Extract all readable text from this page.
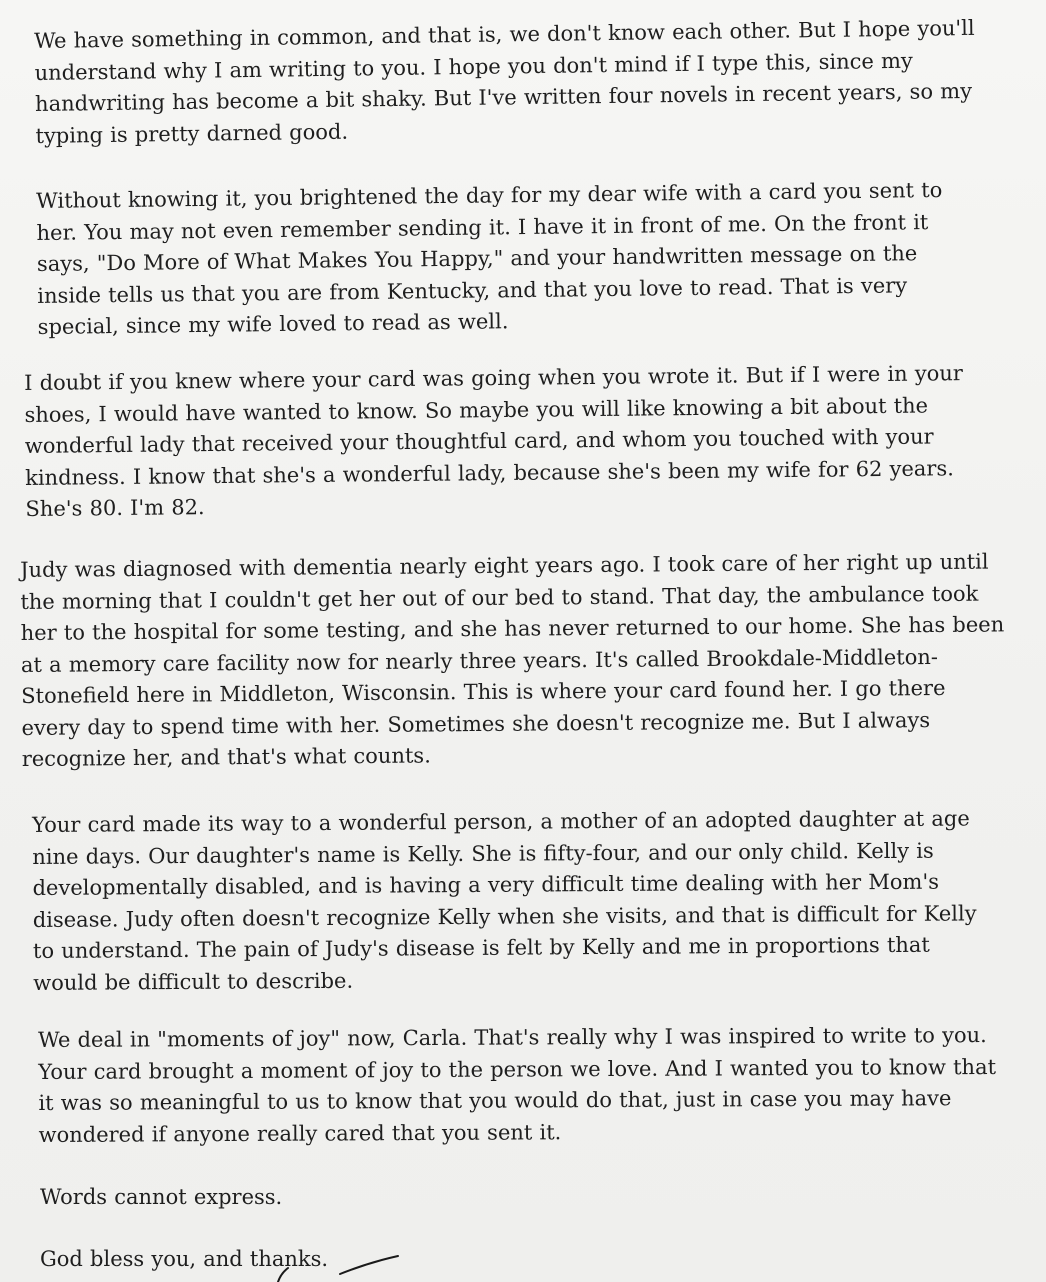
We have something in common, and that is, we don't know each other. But I hope you'll understand why I am writing to you. I hope you don't mind if I type this, since my handwriting has become a bit shaky. But I've written four novels in recent years, so my typing is pretty darned good.

Without knowing it, you brightened the day for my dear wife with a card you sent to her. You may not even remember sending it. I have it in front of me. On the front it says, "Do More of What Makes You Happy," and your handwritten message on the inside tells us that you are from Kentucky, and that you love to read. That is very special, since my wife loved to read as well.

I doubt if you knew where your card was going when you wrote it. But if I were in your shoes, I would have wanted to know. So maybe you will like knowing a bit about the wonderful lady that received your thoughtful card, and whom you touched with your kindness. I know that she's a wonderful lady, because she's been my wife for 62 years. She's 80. I'm 82.

Judy was diagnosed with dementia nearly eight years ago. I took care of her right up until the morning that I couldn't get her out of our bed to stand. That day, the ambulance took her to the hospital for some testing, and she has never returned to our home. She has been at a memory care facility now for nearly three years. It's called Brookdale-Middleton-Stonefield here in Middleton, Wisconsin. This is where your card found her. I go there every day to spend time with her. Sometimes she doesn't recognize me. But I always recognize her, and that's what counts.

Your card made its way to a wonderful person, a mother of an adopted daughter at age nine days. Our daughter's name is Kelly. She is fifty-four, and our only child. Kelly is developmentally disabled, and is having a very difficult time dealing with her Mom's disease. Judy often doesn't recognize Kelly when she visits, and that is difficult for Kelly to understand. The pain of Judy's disease is felt by Kelly and me in proportions that would be difficult to describe.

We deal in "moments of joy" now, Carla. That's really why I was inspired to write to you. Your card brought a moment of joy to the person we love. And I wanted you to know that it was so meaningful to us to know that you would do that, just in case you may have wondered if anyone really cared that you sent it.

Words cannot express.

God bless you, and thanks.
